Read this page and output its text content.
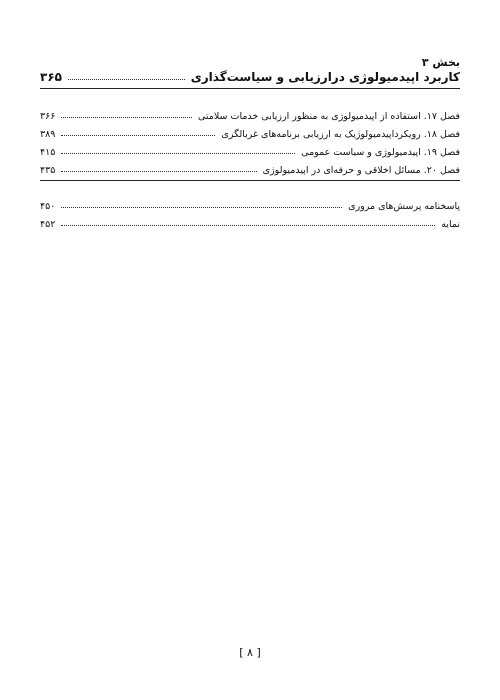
بخش ۳
کاربرد اپیدمیولوژی درارزیابی و سیاست‌گذاری
۳۶۵
فصل ۱۷. استفاده از اپیدمیولوژی به منظور ارزیابی خدمات سلامتی
۳۶۶
فصل ۱۸. رویکرداپیدمیولوژیک به ارزیابی برنامه‌های غربالگری
۳۸۹
فصل ۱۹. اپیدمیولوژی و سیاست عمومی
۴۱۵
فصل ۲۰. مسائل اخلاقی و حرفه‌ای در اپیدمیولوژی
۴۳۵
پاسخنامه پرسش‌های مروری
۴۵۰
نمایه
۴۵۲
[ ۸ ]
